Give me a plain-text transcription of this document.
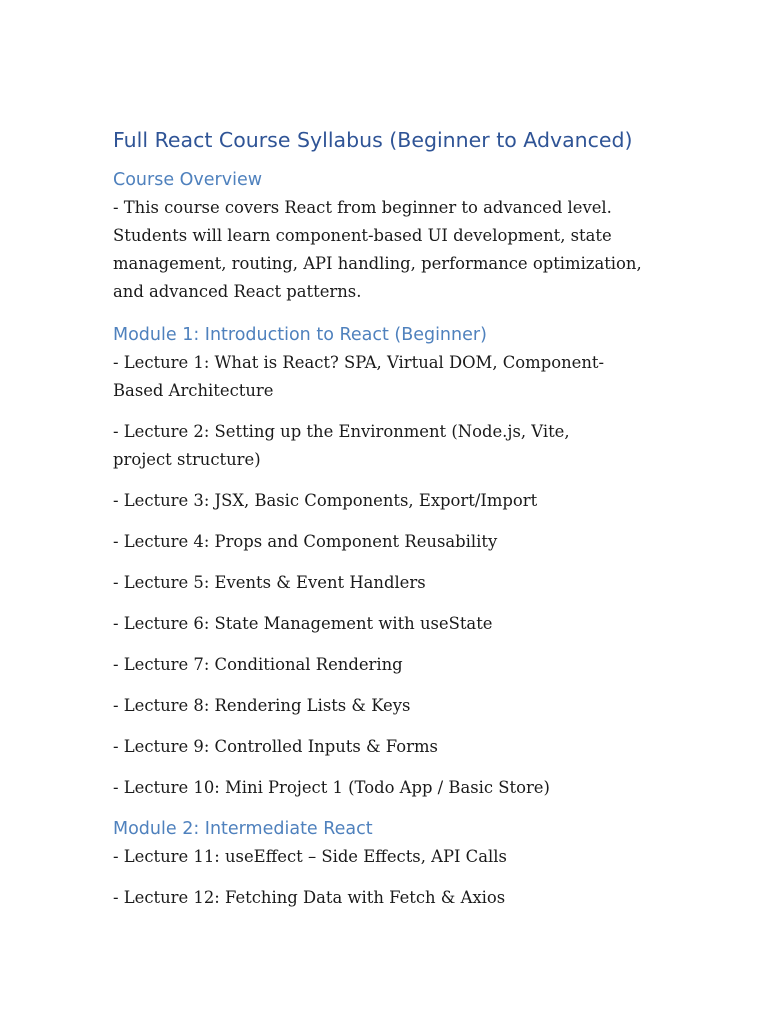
Full React Course Syllabus (Beginner to Advanced)
Course Overview

- This course covers React from beginner to advanced level. Students will learn component-based UI development, state management, routing, API handling, performance optimization, and advanced React patterns.

Module 1: Introduction to React (Beginner)
- Lecture 1: What is React? SPA, Virtual DOM, Component-Based Architecture
- Lecture 2: Setting up the Environment (Node.js, Vite, project structure)
- Lecture 3: JSX, Basic Components, Export/Import
- Lecture 4: Props and Component Reusability
- Lecture 5: Events & Event Handlers
- Lecture 6: State Management with useState
- Lecture 7: Conditional Rendering
- Lecture 8: Rendering Lists & Keys
- Lecture 9: Controlled Inputs & Forms
- Lecture 10: Mini Project 1 (Todo App / Basic Store)
Module 2: Intermediate React
- Lecture 11: useEffect – Side Effects, API Calls
- Lecture 12: Fetching Data with Fetch & Axios
